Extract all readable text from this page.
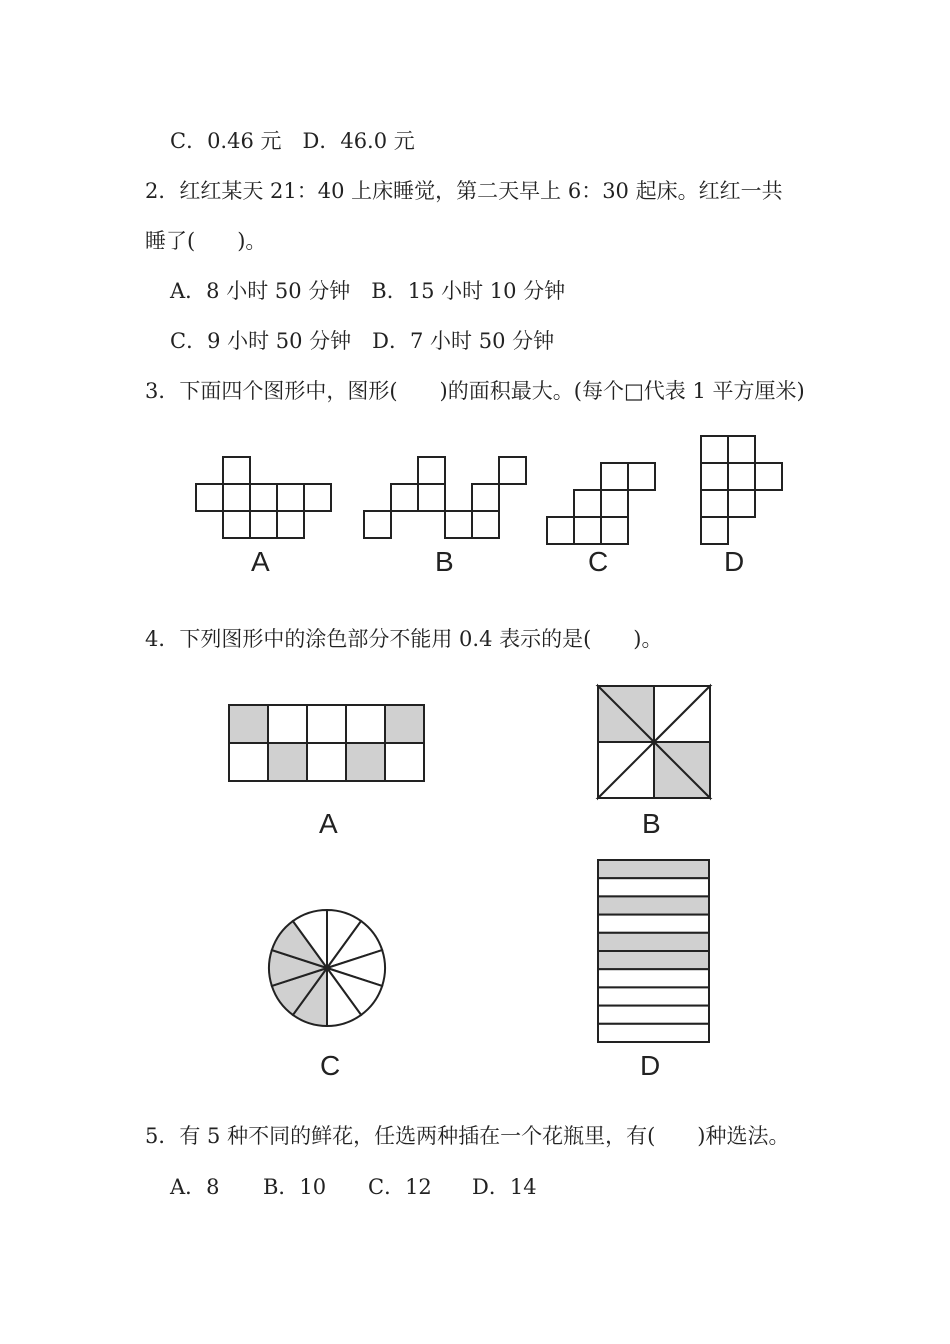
C．0.46 元　D．46.0 元
2．红红某天 21：40 上床睡觉，第二天早上 6：30 起床。红红一共
睡了(　　)。
A．8 小时 50 分钟　B．15 小时 10 分钟
C．9 小时 50 分钟　D．7 小时 50 分钟
3．下面四个图形中，图形(　　)的面积最大。(每个□代表 1 平方厘米)
A	B	C	D
4．下列图形中的涂色部分不能用 0.4 表示的是(　　)。
A	B
C	D
5．有 5 种不同的鲜花，任选两种插在一个花瓶里，有(　　)种选法。
A．8 B．10 C．12 D．14
